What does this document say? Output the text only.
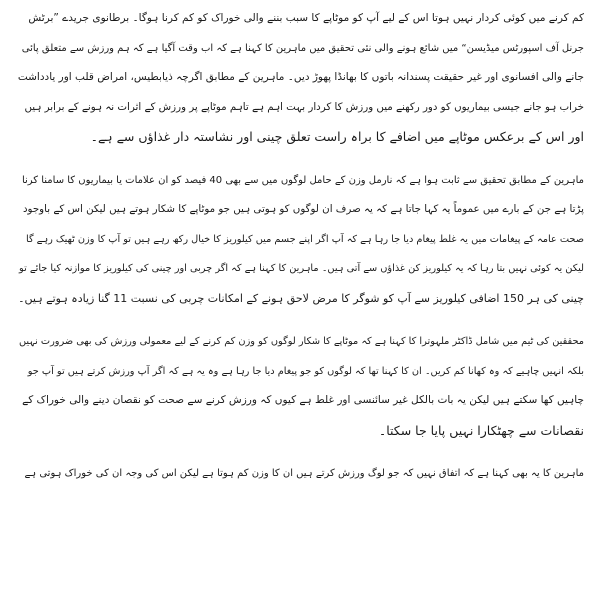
کم کرنے میں کوئی کردار نہیں ہوتا اس کے لیے آپ کو موٹاپے کا سبب بننے والی خوراک کو کم کرنا ہوگا۔ برطانوی جریدے ”برٹش
جرنل آف اسپورٹس میڈیسن“ میں شائع ہونے والی نئی تحقیق میں ماہرین کا کہنا ہے کہ اب وقت آگیا ہے کہ ہم ورزش سے متعلق پائی
جانے والی افسانوی اور غیر حقیقت پسندانہ باتوں کا بھانڈا پھوڑ دیں۔ ماہرین کے مطابق اگرچہ ذیابطیس، امراض قلب اور یادداشت
خراب ہو جانے جیسی بیماریوں کو دور رکھنے میں ورزش کا کردار بہت اہم ہے تاہم موٹاپے پر ورزش کے اثرات نہ ہونے کے برابر ہیں
اور اس کے برعکس موٹاپے میں اضافے کا براہ راست تعلق چینی اور نشاستہ دار غذاؤں سے ہے۔
ماہرین کے مطابق تحقیق سے ثابت ہوا ہے کہ نارمل وزن کے حامل لوگوں میں سے بھی 40 فیصد کو ان علامات یا بیماریوں کا سامنا کرنا
پڑتا ہے جن کے بارے میں عموماً یہ کہا جاتا ہے کہ یہ صرف ان لوگوں کو ہوتی ہیں جو موٹاپے کا شکار ہوتے ہیں لیکن اس کے باوجود
صحت عامہ کے پیغامات میں یہ غلط پیغام دیا جا رہا ہے کہ آپ اگر اپنے جسم میں کیلوریز کا خیال رکھ رہے ہیں تو آپ کا وزن ٹھیک رہے گا
لیکن یہ کوئی نہیں بتا رہا کہ یہ کیلوریز کن غذاؤں سے آتی ہیں۔ ماہرین کا کہنا ہے کہ اگر چربی اور چینی کی کیلوریز کا موازنہ کیا جائے تو
چینی کی ہر 150 اضافی کیلوریز سے آپ کو شوگر کا مرض لاحق ہونے کے امکانات چربی کی نسبت 11 گنا زیادہ ہوتے ہیں۔
محققین کی ٹیم میں شامل ڈاکٹر ملہوترا کا کہنا ہے کہ موٹاپے کا شکار لوگوں کو وزن کم کرنے کے لیے معمولی ورزش کی بھی ضرورت نہیں
بلکہ انہیں چاہیے کہ وہ کھانا کم کریں۔ ان کا کہنا تھا کہ لوگوں کو جو پیغام دیا جا رہا ہے وہ یہ ہے کہ اگر آپ ورزش کرتے ہیں تو آپ جو
چاہیں کھا سکتے ہیں لیکن یہ بات بالکل غیر سائنسی اور غلط ہے کیوں کہ ورزش کرنے سے صحت کو نقصان دینے والی خوراک کے
نقصانات سے چھٹکارا نہیں پایا جا سکتا۔
ماہرین کا یہ بھی کہنا ہے کہ اتفاق نہیں کہ جو لوگ ورزش کرتے ہیں ان کا وزن کم ہوتا ہے لیکن اس کی وجہ ان کی خوراک ہوتی ہے
